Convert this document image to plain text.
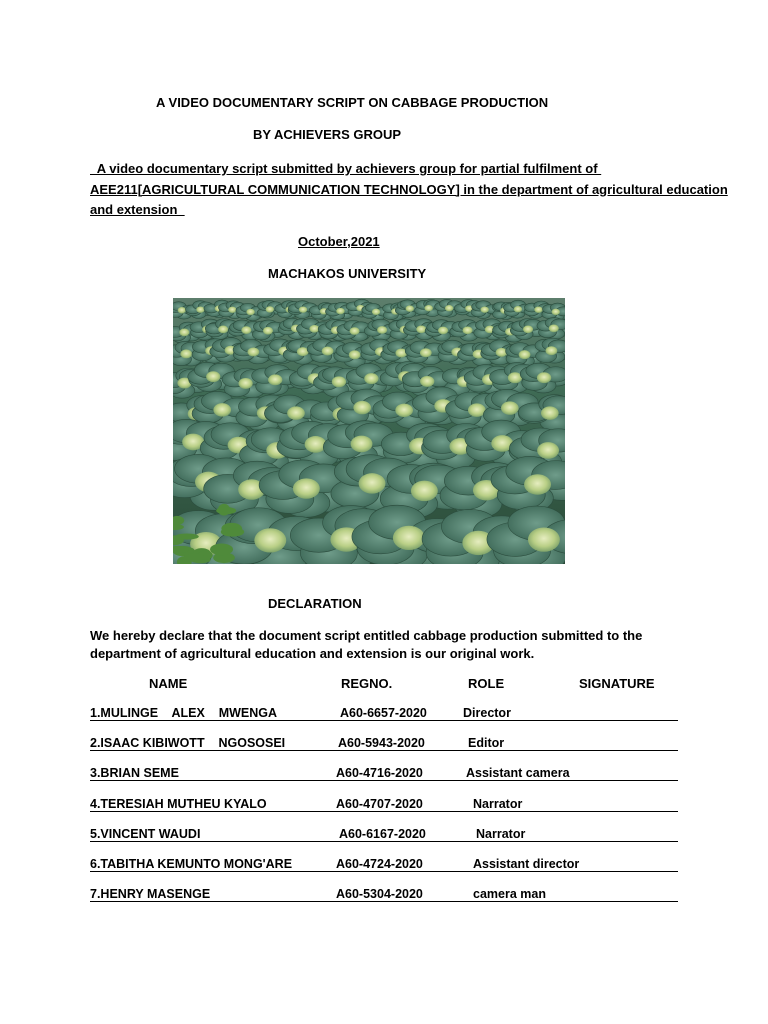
A VIDEO DOCUMENTARY SCRIPT ON CABBAGE PRODUCTION
BY ACHIEVERS GROUP
A video documentary script submitted by achievers group for partial fulfilment of
AEE211[AGRICULTURAL COMMUNICATION TECHNOLOGY] in the department of agricultural education
and extension
October,2021
MACHAKOS UNIVERSITY
DECLARATION
We hereby declare that the document script entitled cabbage production submitted to the department of agricultural education and extension is our original work.
NAME	REGNO.	ROLE	SIGNATURE
1.MULINGE    ALEX    MWENGA	A60-6657-2020	Director
2.ISAAC KIBIWOTT    NGOSOSEI	A60-5943-2020	Editor
3.BRIAN SEME	A60-4716-2020	Assistant camera
4.TERESIAH MUTHEU KYALO	A60-4707-2020	Narrator
5.VINCENT WAUDI	A60-6167-2020	Narrator
6.TABITHA KEMUNTO MONG'ARE	A60-4724-2020	Assistant director
7.HENRY MASENGE	A60-5304-2020	camera man
